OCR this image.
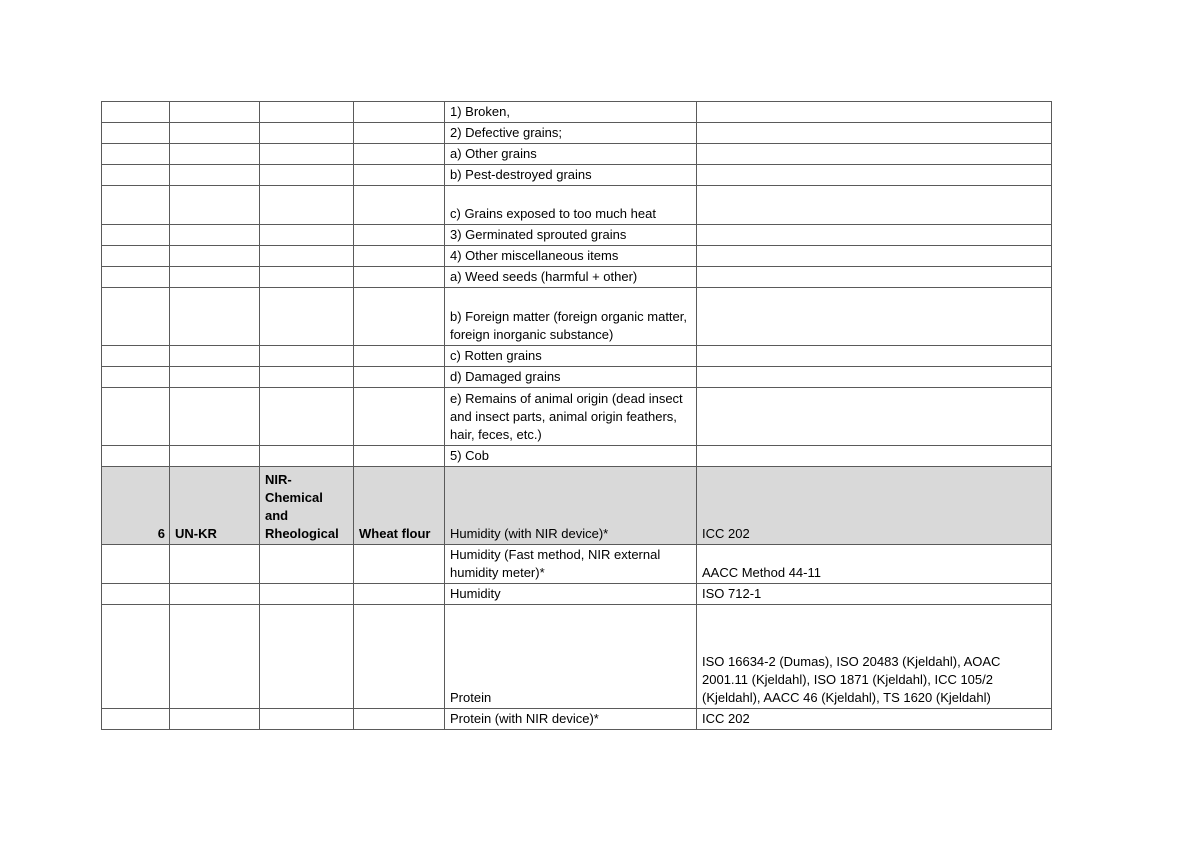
				1) Broken,	
				2) Defective grains;	
				a) Other grains	
				b) Pest-destroyed grains	
				c) Grains exposed to too much heat	
				3) Germinated sprouted grains	
				4) Other miscellaneous items	
				a) Weed seeds (harmful + other)	
				b) Foreign matter (foreign organic matter, foreign inorganic substance)	
				c) Rotten grains	
				d) Damaged grains	
				e) Remains of animal origin (dead insect and insect parts, animal origin feathers, hair, feces, etc.)	
				5) Cob	
6	UN-KR	NIR-Chemical and Rheological	Wheat flour	Humidity (with NIR device)*	ICC 202
				Humidity (Fast method, NIR external humidity meter)*	AACC Method 44-11
				Humidity	ISO 712-1
				Protein	ISO 16634-2 (Dumas), ISO 20483 (Kjeldahl), AOAC 2001.11 (Kjeldahl), ISO 1871 (Kjeldahl), ICC 105/2 (Kjeldahl), AACC 46 (Kjeldahl), TS 1620 (Kjeldahl)
				Protein (with NIR device)*	ICC 202
